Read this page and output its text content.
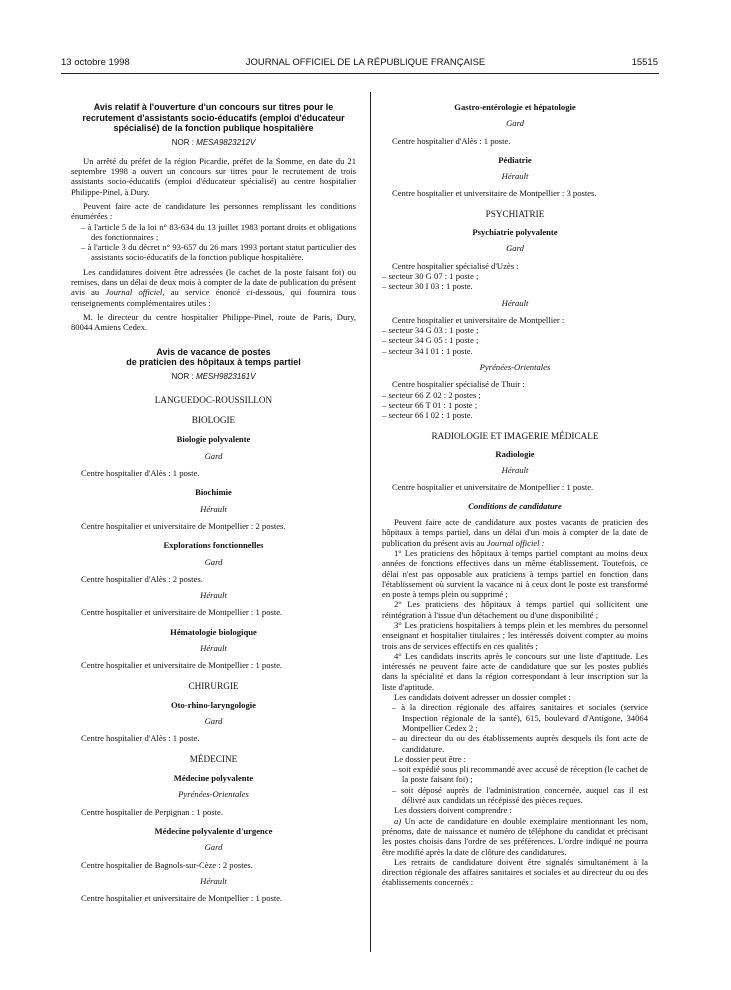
13 octobre 1998	JOURNAL OFFICIEL DE LA RÉPUBLIQUE FRANÇAISE	15515
Avis relatif à l'ouverture d'un concours sur titres pour le recrutement d'assistants socio-éducatifs (emploi d'éducateur spécialisé) de la fonction publique hospitalière
NOR : MESA9823212V

Un arrêté du préfet de la région Picardie, préfet de la Somme, en date du 21 septembre 1998 a ouvert un concours sur titres pour le recrutement de trois assistants socio-éducatifs (emploi d'éducateur spécialisé) au centre hospitalier Philippe-Pinel, à Dury.

Peuvent faire acte de candidature les personnes remplissant les conditions énumérées :

– à l'article 5 de la loi n° 83-634 du 13 juillet 1983 portant droits et obligations des fonctionnaires ;

– à l'article 3 du décret n° 93-657 du 26 mars 1993 portant statut particulier des assistants socio-éducatifs de la fonction publique hospitalière.

Les candidatures doivent être adressées (le cachet de la poste faisant foi) ou remises, dans un délai de deux mois à compter de la date de publication du présent avis au Journal officiel, au service énoncé ci-dessous, qui fournira tous renseignements complémentaires utiles :

M. le directeur du centre hospitalier Philippe-Pinel, route de Paris, Dury, 80044 Amiens Cedex.

Avis de vacance de postes
de praticien des hôpitaux à temps partiel
NOR : MESH9823161V
LANGUEDOC-ROUSSILLON
BIOLOGIE
Biologie polyvalente
Gard

Centre hospitalier d'Alès : 1 poste.

Biochimie
Hérault

Centre hospitalier et universitaire de Montpellier : 2 postes.

Explorations fonctionnelles
Gard

Centre hospitalier d'Alès : 2 postes.

Hérault

Centre hospitalier et universitaire de Montpellier : 1 poste.

Hématologie biologique
Hérault

Centre hospitalier et universitaire de Montpellier : 1 poste.

CHIRURGIE
Oto-rhino-laryngologie
Gard

Centre hospitalier d'Alès : 1 poste.

MÉDECINE
Médecine polyvalente
Pyrénées-Orientales

Centre hospitalier de Perpignan : 1 poste.

Médecine polyvalente d'urgence
Gard

Centre hospitalier de Bagnols-sur-Cèze : 2 postes.

Hérault

Centre hospitalier et universitaire de Montpellier : 1 poste.

Gastro-entérologie et hépatologie
Gard

Centre hospitalier d'Alès : 1 poste.

Pédiatrie
Hérault

Centre hospitalier et universitaire de Montpellier : 3 postes.

PSYCHIATRIE
Psychiatrie polyvalente
Gard

Centre hospitalier spécialisé d'Uzès :

– secteur 30 G 07 : 1 poste ;

– secteur 30 I 03 : 1 poste.

Hérault

Centre hospitalier et universitaire de Montpellier :

– secteur 34 G 03 : 1 poste ;

– secteur 34 G 05 : 1 poste ;

– secteur 34 I 01 : 1 poste.

Pyrénées-Orientales

Centre hospitalier spécialisé de Thuir :

– secteur 66 Z 02 : 2 postes ;

– secteur 66 T 01 : 1 poste ;

– secteur 66 I 02 : 1 poste.

RADIOLOGIE ET IMAGERIE MÉDICALE
Radiologie
Hérault

Centre hospitalier et universitaire de Montpellier : 1 poste.

Conditions de candidature

Peuvent faire acte de candidature aux postes vacants de praticien des hôpitaux à temps partiel, dans un délai d'un mois à compter de la date de publication du présent avis au Journal officiel :

1° Les praticiens des hôpitaux à temps partiel comptant au moins deux années de fonctions effectives dans un même établissement. Toutefois, ce délai n'est pas opposable aux praticiens à temps partiel en fonction dans l'établissement où survient la vacance ni à ceux dont le poste est transformé en poste à temps plein ou supprimé ;

2° Les praticiens des hôpitaux à temps partiel qui sollicitent une réintégration à l'issue d'un détachement ou d'une disponibilité ;

3° Les praticiens hospitaliers à temps plein et les membres du personnel enseignant et hospitalier titulaires ; les intéressés doivent compter au moins trois ans de services effectifs en ces qualités ;

4° Les candidats inscrits après le concours sur une liste d'aptitude. Les intéressés ne peuvent faire acte de candidature que sur les postes publiés dans la spécialité et dans la région correspondant à leur inscription sur la liste d'aptitude.

Les candidats doivent adresser un dossier complet :

– à la direction régionale des affaires sanitaires et sociales (service Inspection régionale de la santé), 615, boulevard d'Antigone, 34064 Montpellier Cedex 2 ;

– au directeur du ou des établissements auprès desquels ils font acte de candidature.

Le dossier peut être :

– soit expédié sous pli recommandé avec accusé de réception (le cachet de la poste faisant foi) ;

– soit déposé auprès de l'administration concernée, auquel cas il est délivré aux candidats un récépissé des pièces reçues.

Les dossiers doivent comprendre :

a) Un acte de candidature en double exemplaire mentionnant les nom, prénoms, date de naissance et numéro de téléphone du candidat et précisant les postes choisis dans l'ordre de ses préférences. L'ordre indiqué ne pourra être modifié après la date de clôture des candidatures.

Les retraits de candidature doivent être signalés simultanément à la direction régionale des affaires sanitaires et sociales et au directeur du ou des établissements concernés :
